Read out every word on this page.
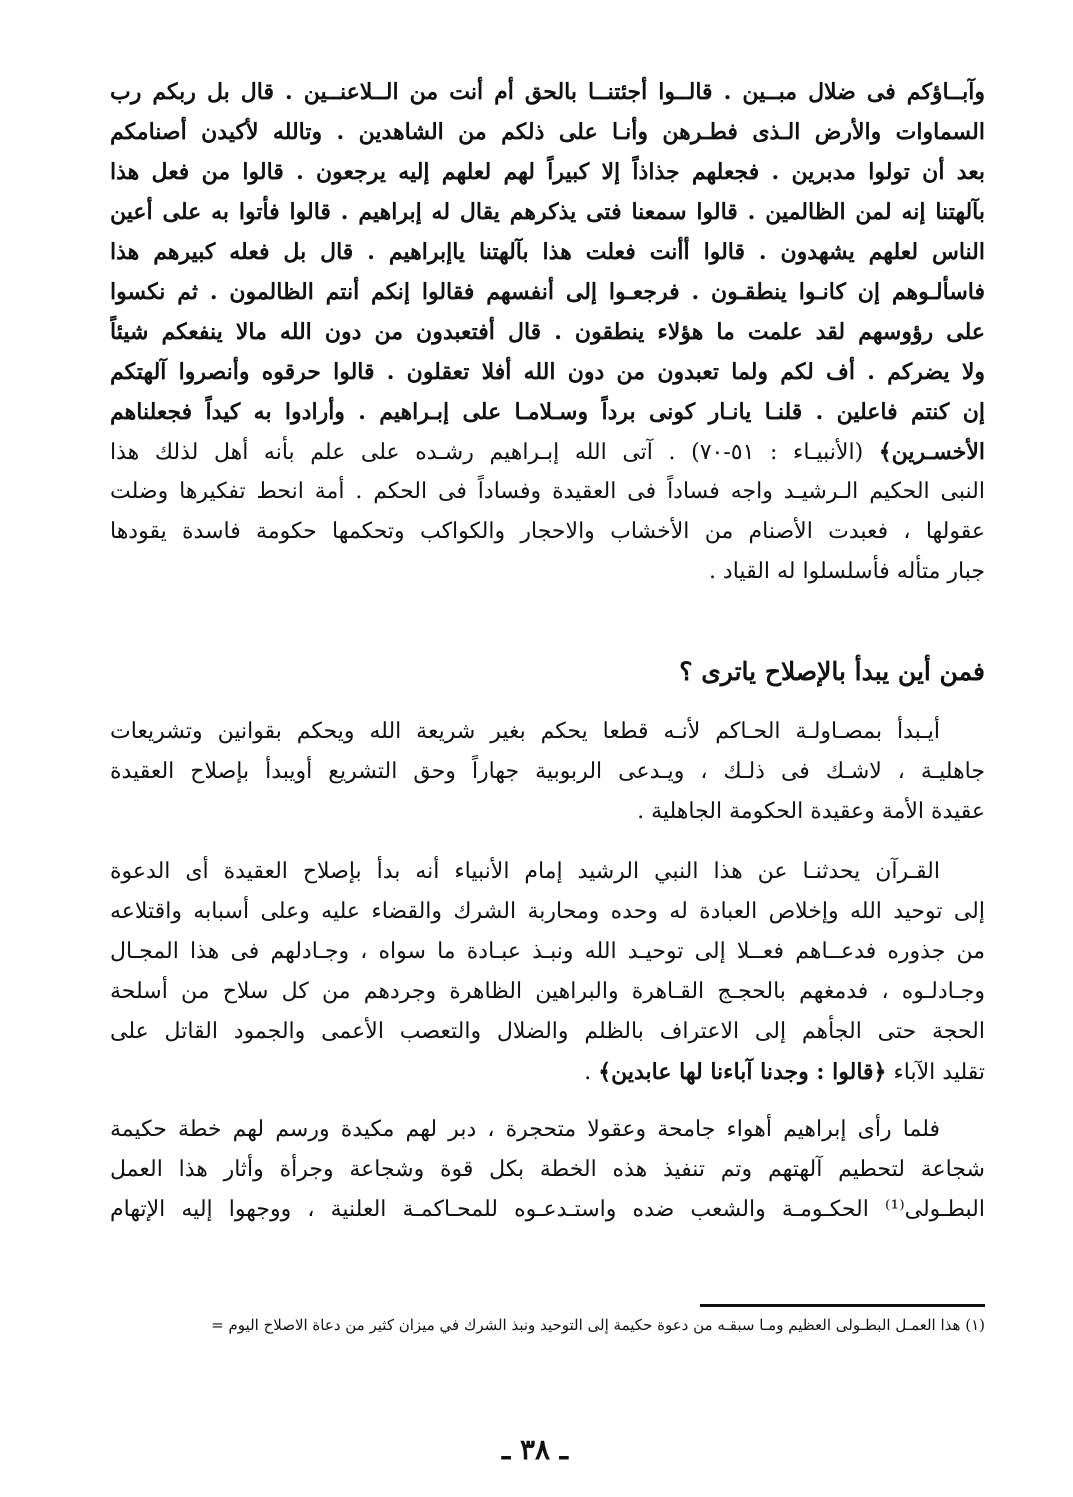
وآبــاؤكم فى ضلال مبــين . قالــوا أجئتنــا بالحق أم أنت من الــلاعنــين . قال بل ربكم رب
السماوات والأرض الـذى فطـرهن وأنـا على ذلكم من الشاهدين . وتالله لأكيدن أصنامكم
بعد أن تولوا مدبرين . فجعلهم جذاذاً إلا كبيراً لهم لعلهم إليه يرجعون . قالوا من فعل هذا
بآلهتنا إنه لمن الظالمين . قالوا سمعنا فتى يذكرهم يقال له إبراهيم . قالوا فأتوا به على أعين
الناس لعلهم يشهدون . قالوا أأنت فعلت هذا بآلهتنا ياإبراهيم . قال بل فعله كبيرهم هذا
فاسألـوهم إن كانـوا ينطقـون . فرجعـوا إلى أنفسهم فقالوا إنكم أنتم الظالمون . ثم نكسوا
على رؤوسهم لقد علمت ما هؤلاء ينطقون . قال أفتعبدون من دون الله مالا ينفعكم شيئاً
ولا يضركم . أف لكم ولما تعبدون من دون الله أفلا تعقلون . قالوا حرقوه وأنصروا آلهتكم
إن كنتم فاعلين . قلنـا يانـار كونى برداً وسـلامـا على إبـراهيم . وأرادوا به كيداً فجعلناهم
الأخسـرين﴾ (الأنبيـاء : ٥١-٧٠) . آتى الله إبـراهيم رشـده على علم بأنه أهل لذلك هذا
النبى الحكيم الـرشيـد واجه فساداً فى العقيدة وفساداً فى الحكم . أمة انحط تفكيرها وضلت
عقولها ، فعبدت الأصنام من الأخشاب والاحجار والكواكب وتحكمها حكومة فاسدة يقودها
جبار متأله فأسلسلوا له القياد .
فمن أين يبدأ بالإصلاح ياترى ؟
أيـبدأ بمصـاولـة الحـاكم لأنـه قطعا يحكم بغير شريعة الله ويحكم بقوانين وتشريعات
جاهليـة ، لاشـك فى ذلـك ، ويـدعى الربوبية جهاراً وحق التشريع أويبدأ بإصلاح العقيدة
عقيدة الأمة وعقيدة الحكومة الجاهلية .
القـرآن يحدثنـا عن هذا النبي الرشيد إمام الأنبياء أنه بدأ بإصلاح العقيدة أى الدعوة
إلى توحيد الله وإخلاص العبادة له وحده ومحاربة الشرك والقضاء عليه وعلى أسبابه واقتلاعه
من جذوره فدعــاهم فعــلا إلى توحيـد الله ونبـذ عبـادة ما سواه ، وجـادلهم فى هذا المجـال
وجـادلـوه ، فدمغهم بالحجـج القـاهرة والبراهين الظاهرة وجردهم من كل سلاح من أسلحة
الحجة حتى الجأهم إلى الاعتراف بالظلم والضلال والتعصب الأعمى والجمود القاتل على
تقليد الآباء ﴿قالوا : وجدنا آباءنا لها عابدين﴾ .
فلما رأى إبراهيم أهواء جامحة وعقولا متحجرة ، دبر لهم مكيدة ورسم لهم خطة حكيمة
شجاعة لتحطيم آلهتهم وتم تنفيذ هذه الخطة بكل قوة وشجاعة وجرأة وأثار هذا العمل
البطـولى⁽¹⁾ الحكـومـة والشعب ضده واستـدعـوه للمحـاكمـة العلنية ، ووجهوا إليه الإتهام
(١) هذا العمـل البطـولى العظيم ومـا سبقـه من دعوة حكيمة إلى التوحيد ونبذ الشرك في ميزان كثير من دعاة الاصلاح اليوم =
ـ ٣٨ ـ
